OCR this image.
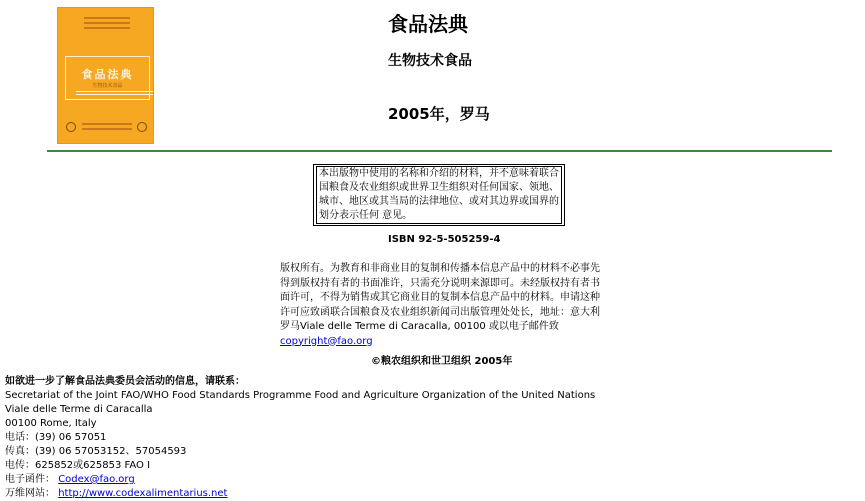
食品法典
生物技术食品
食品法典
生物技术食品
2005年，罗马
本出版物中使用的名称和介绍的材料，并不意味着联合国粮食及农业组织或世界卫生组织对任何国家、领地、城市、地区或其当局的法律地位、或对其边界或国界的划分表示任何 意见。
ISBN 92-5-505259-4
版权所有。为教育和非商业目的复制和传播本信息产品中的材料不必事先得到版权持有者的书面准许，只需充分说明来源即可。未经版权持有者书面许可，不得为销售或其它商业目的复制本信息产品中的材料。申请这种许可应致函联合国粮食及农业组织新闻司出版管理处处长，地址：意大利罗马Viale delle Terme di Caracalla, 00100 或以电子邮件致copyright@fao.org
©粮农组织和世卫组织 2005年
如欲进一步了解食品法典委员会活动的信息，请联系：
Secretariat of the Joint FAO/WHO Food Standards Programme Food and Agriculture Organization of the United Nations
Viale delle Terme di Caracalla
00100 Rome, Italy
电话：(39) 06 57051
传真：(39) 06 57053152、57054593
电传：625852或625853 FAO I
电子函件： Codex@fao.org
万维网站： http://www.codexalimentarius.net
